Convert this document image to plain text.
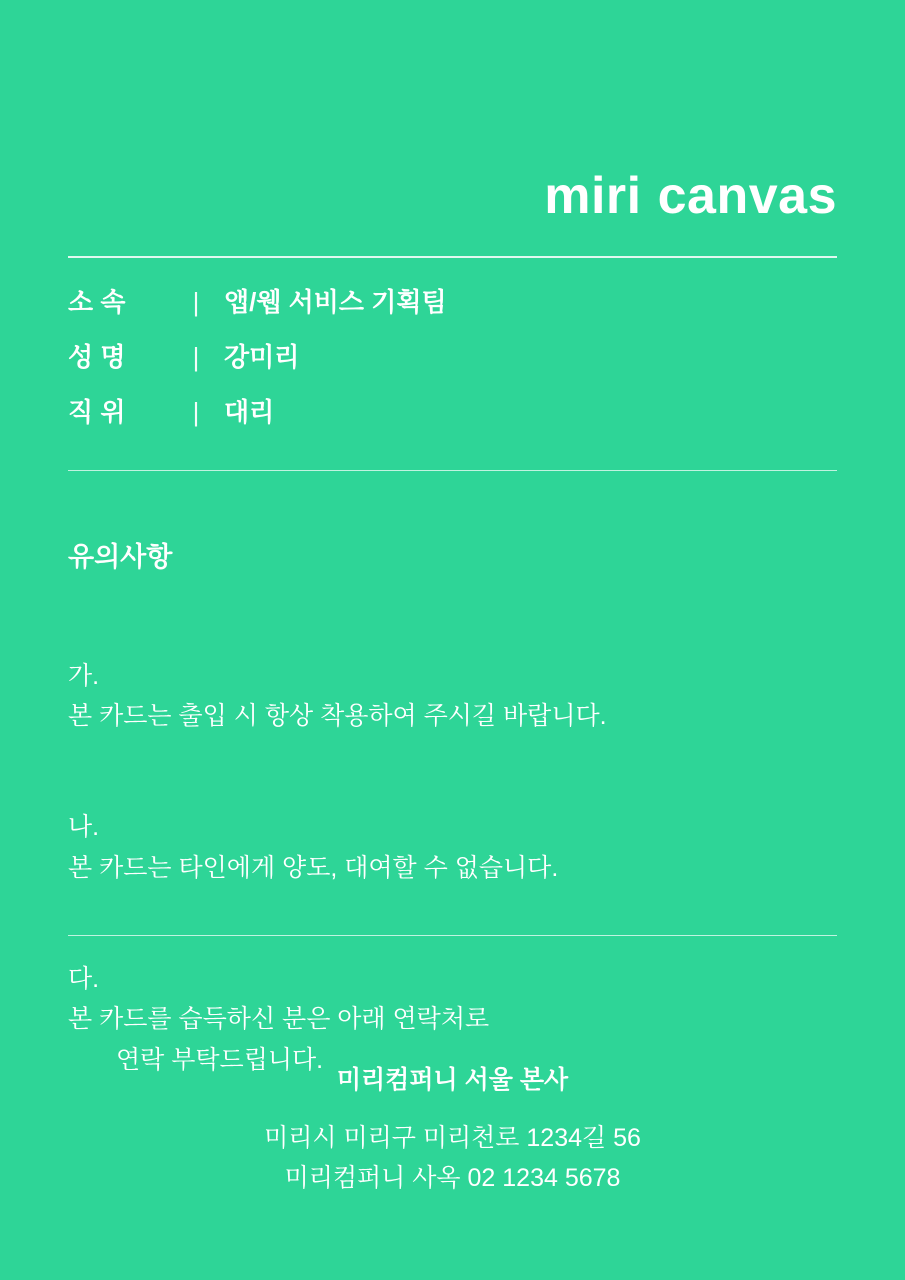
miri canvas
소 속	| 앱/웹 서비스 기획팀
성 명	| 강미리
직 위	| 대리
유의사항

가.
본 카드는 출입 시 항상 착용하여 주시길 바랍니다.

나.
본 카드는 타인에게 양도, 대여할 수 없습니다.

다.
본 카드를 습득하신 분은 아래 연락처로

연락 부탁드립니다.

미리컴퍼니 서울 본사
미리시 미리구 미리천로 1234길 56
미리컴퍼니 사옥 02 1234 5678
